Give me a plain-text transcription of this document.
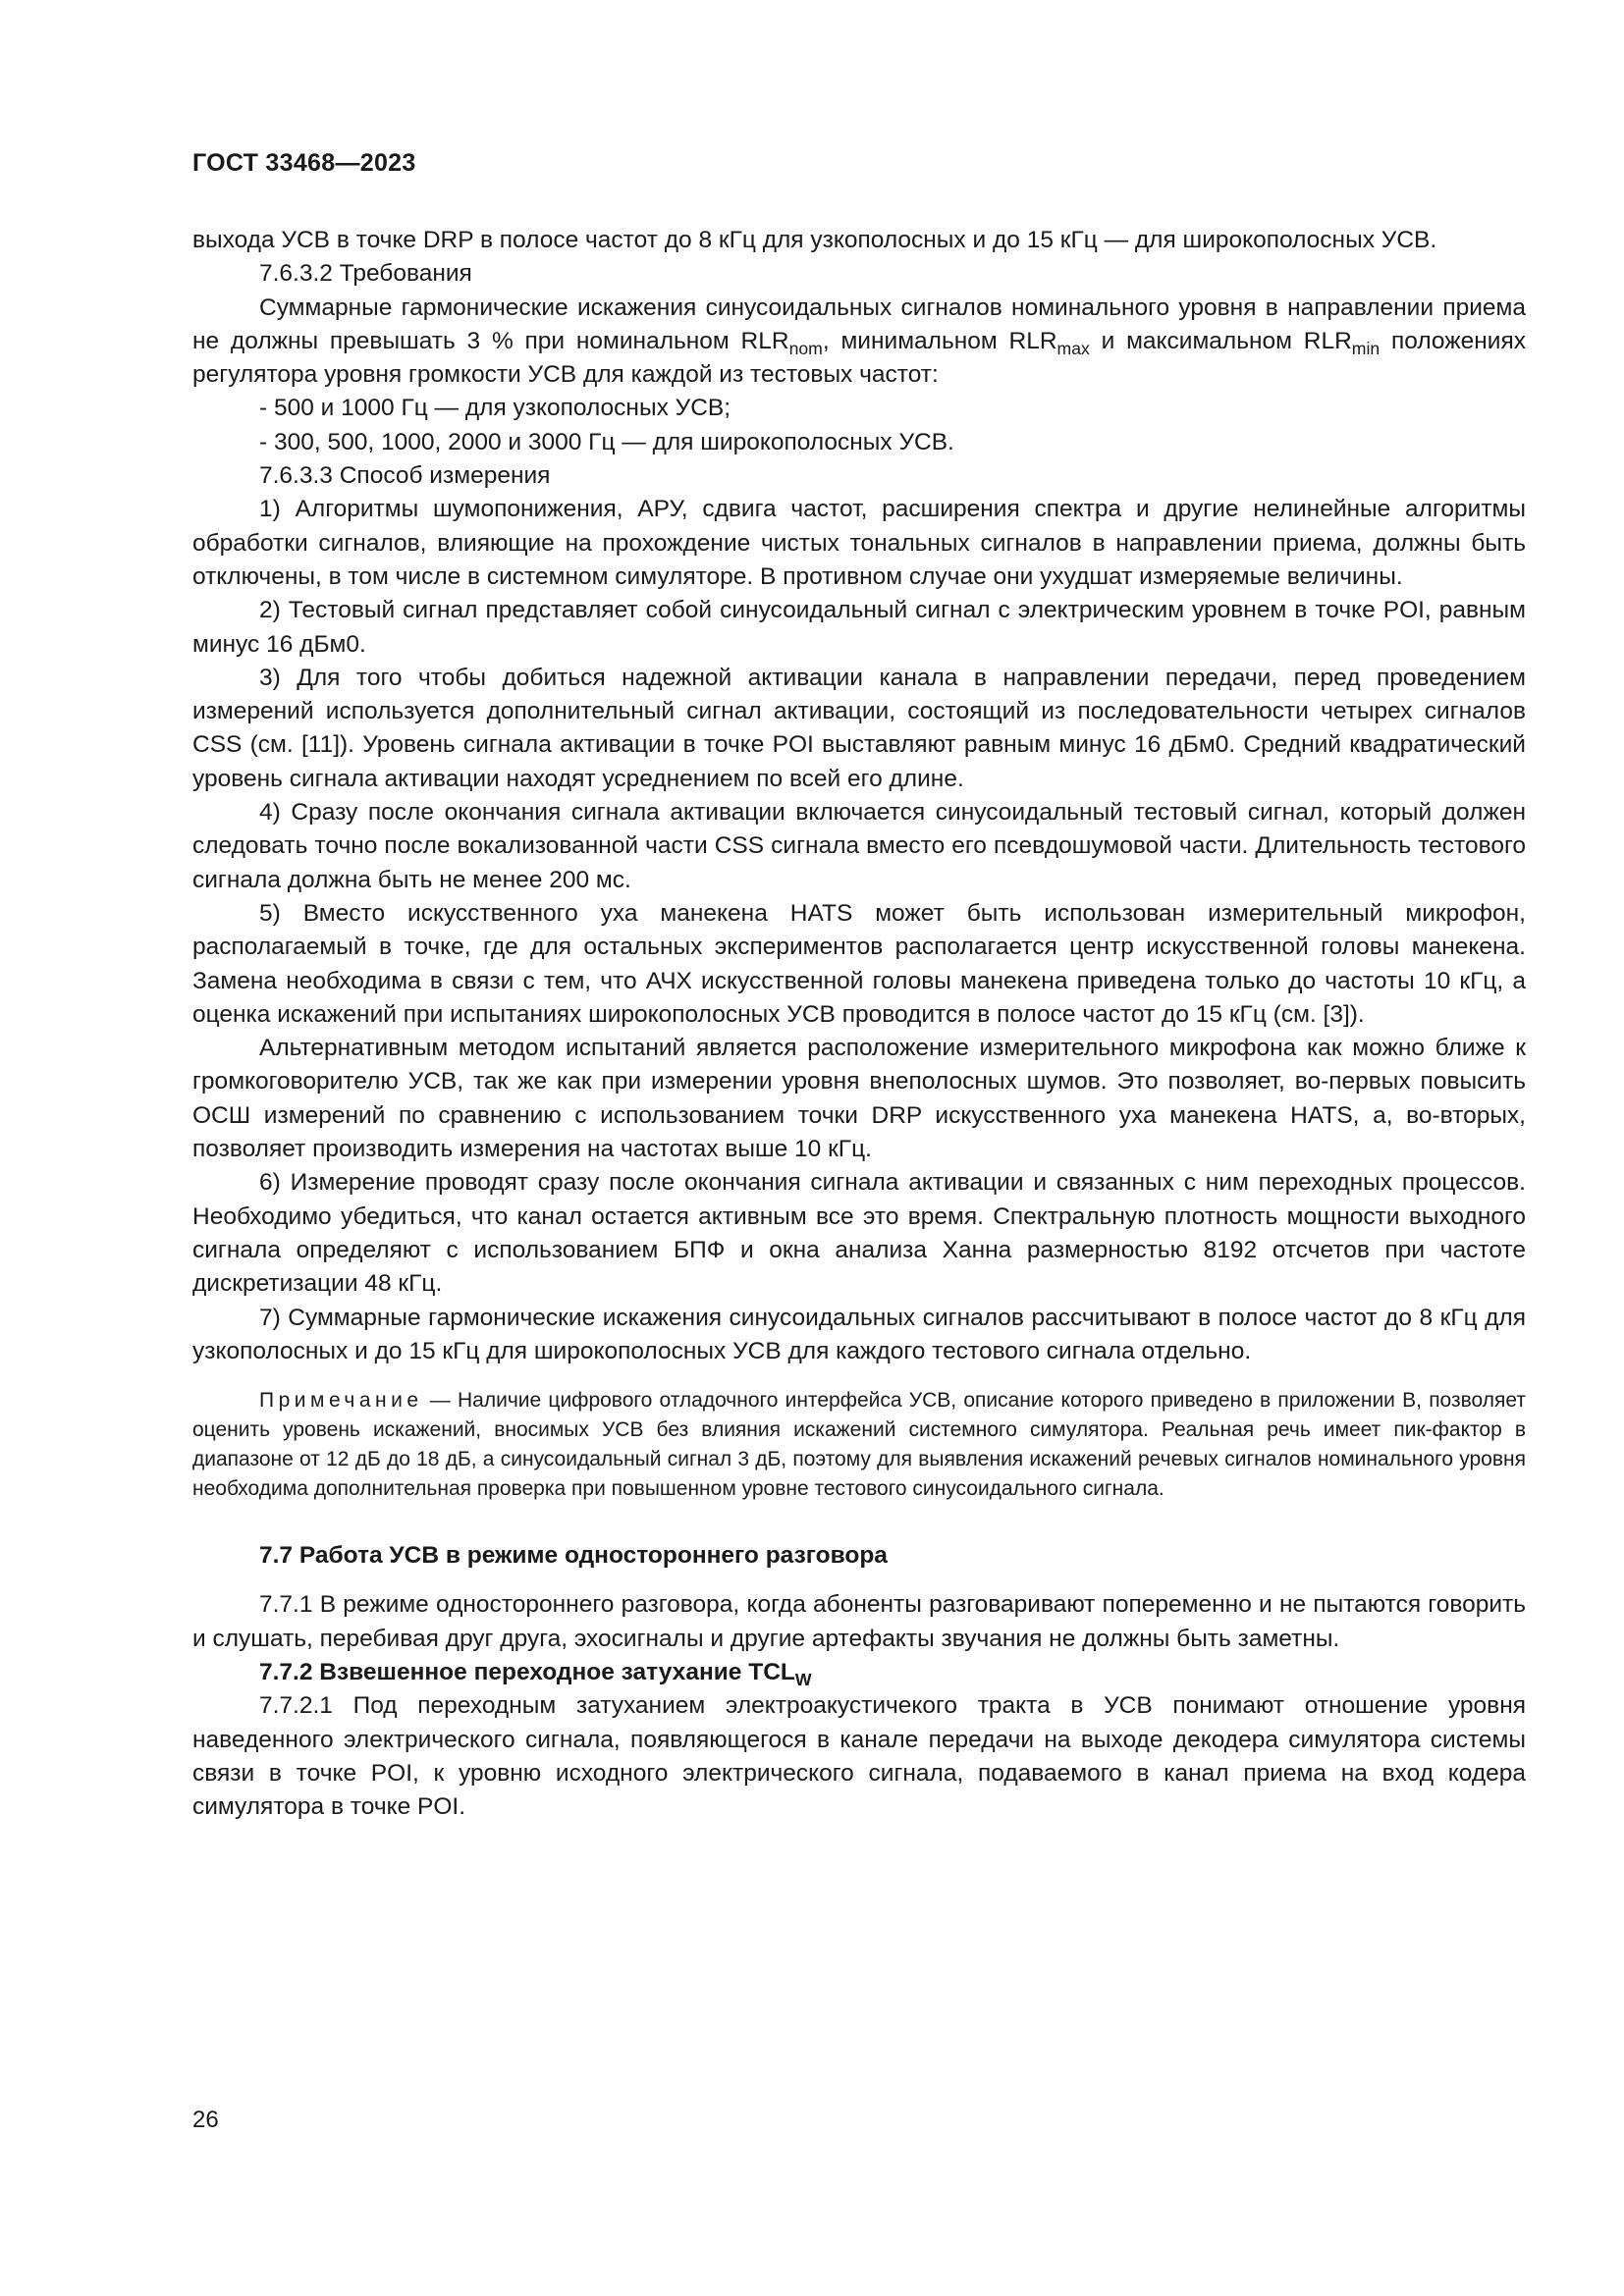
ГОСТ 33468—2023

выхода УСВ в точке DRP в полосе частот до 8 кГц для узкополосных и до 15 кГц — для широкополосных УСВ.

7.6.3.2 Требования

Суммарные гармонические искажения синусоидальных сигналов номинального уровня в направлении приема не должны превышать 3 % при номинальном $RLR_{nom}$, минимальном $RLR_{max}$ и максимальном $RLR_{min}$ положениях регулятора уровня громкости УСВ для каждой из тестовых частот:

- 500 и 1000 Гц — для узкополосных УСВ;

- 300, 500, 1000, 2000 и 3000 Гц — для широкополосных УСВ.

7.6.3.3 Способ измерения

1) Алгоритмы шумопонижения, АРУ, сдвига частот, расширения спектра и другие нелинейные алгоритмы обработки сигналов, влияющие на прохождение чистых тональных сигналов в направлении приема, должны быть отключены, в том числе в системном симуляторе. В противном случае они ухудшат измеряемые величины.

2) Тестовый сигнал представляет собой синусоидальный сигнал с электрическим уровнем в точке POI, равным минус 16 дБм0.

3) Для того чтобы добиться надежной активации канала в направлении передачи, перед проведением измерений используется дополнительный сигнал активации, состоящий из последовательности четырех сигналов CSS (см. [11]). Уровень сигнала активации в точке POI выставляют равным минус 16 дБм0. Средний квадратический уровень сигнала активации находят усреднением по всей его длине.

4) Сразу после окончания сигнала активации включается синусоидальный тестовый сигнал, который должен следовать точно после вокализованной части CSS сигнала вместо его псевдошумовой части. Длительность тестового сигнала должна быть не менее 200 мс.

5) Вместо искусственного уха манекена HATS может быть использован измерительный микрофон, располагаемый в точке, где для остальных экспериментов располагается центр искусственной головы манекена. Замена необходима в связи с тем, что АЧХ искусственной головы манекена приведена только до частоты 10 кГц, а оценка искажений при испытаниях широкополосных УСВ проводится в полосе частот до 15 кГц (см. [3]).

Альтернативным методом испытаний является расположение измерительного микрофона как можно ближе к громкоговорителю УСВ, так же как при измерении уровня внеполосных шумов. Это позволяет, во-первых повысить ОСШ измерений по сравнению с использованием точки DRP искусственного уха манекена HATS, а, во-вторых, позволяет производить измерения на частотах выше 10 кГц.

6) Измерение проводят сразу после окончания сигнала активации и связанных с ним переходных процессов. Необходимо убедиться, что канал остается активным все это время. Спектральную плотность мощности выходного сигнала определяют с использованием БПФ и окна анализа Ханна размерностью 8192 отсчетов при частоте дискретизации 48 кГц.

7) Суммарные гармонические искажения синусоидальных сигналов рассчитывают в полосе частот до 8 кГц для узкополосных и до 15 кГц для широкополосных УСВ для каждого тестового сигнала отдельно.

Примечание — Наличие цифрового отладочного интерфейса УСВ, описание которого приведено в приложении В, позволяет оценить уровень искажений, вносимых УСВ без влияния искажений системного симулятора. Реальная речь имеет пик-фактор в диапазоне от 12 дБ до 18 дБ, а синусоидальный сигнал 3 дБ, поэтому для выявления искажений речевых сигналов номинального уровня необходима дополнительная проверка при повышенном уровне тестового синусоидального сигнала.

7.7 Работа УСВ в режиме одностороннего разговора

7.7.1 В режиме одностороннего разговора, когда абоненты разговаривают попеременно и не пытаются говорить и слушать, перебивая друг друга, эхосигналы и другие артефакты звучания не должны быть заметны.

7.7.2 Взвешенное переходное затухание $TCL_W$

7.7.2.1 Под переходным затуханием электроакустичекого тракта в УСВ понимают отношение уровня наведенного электрического сигнала, появляющегося в канале передачи на выходе декодера симулятора системы связи в точке POI, к уровню исходного электрического сигнала, подаваемого в канал приема на вход кодера симулятора в точке POI.

26
